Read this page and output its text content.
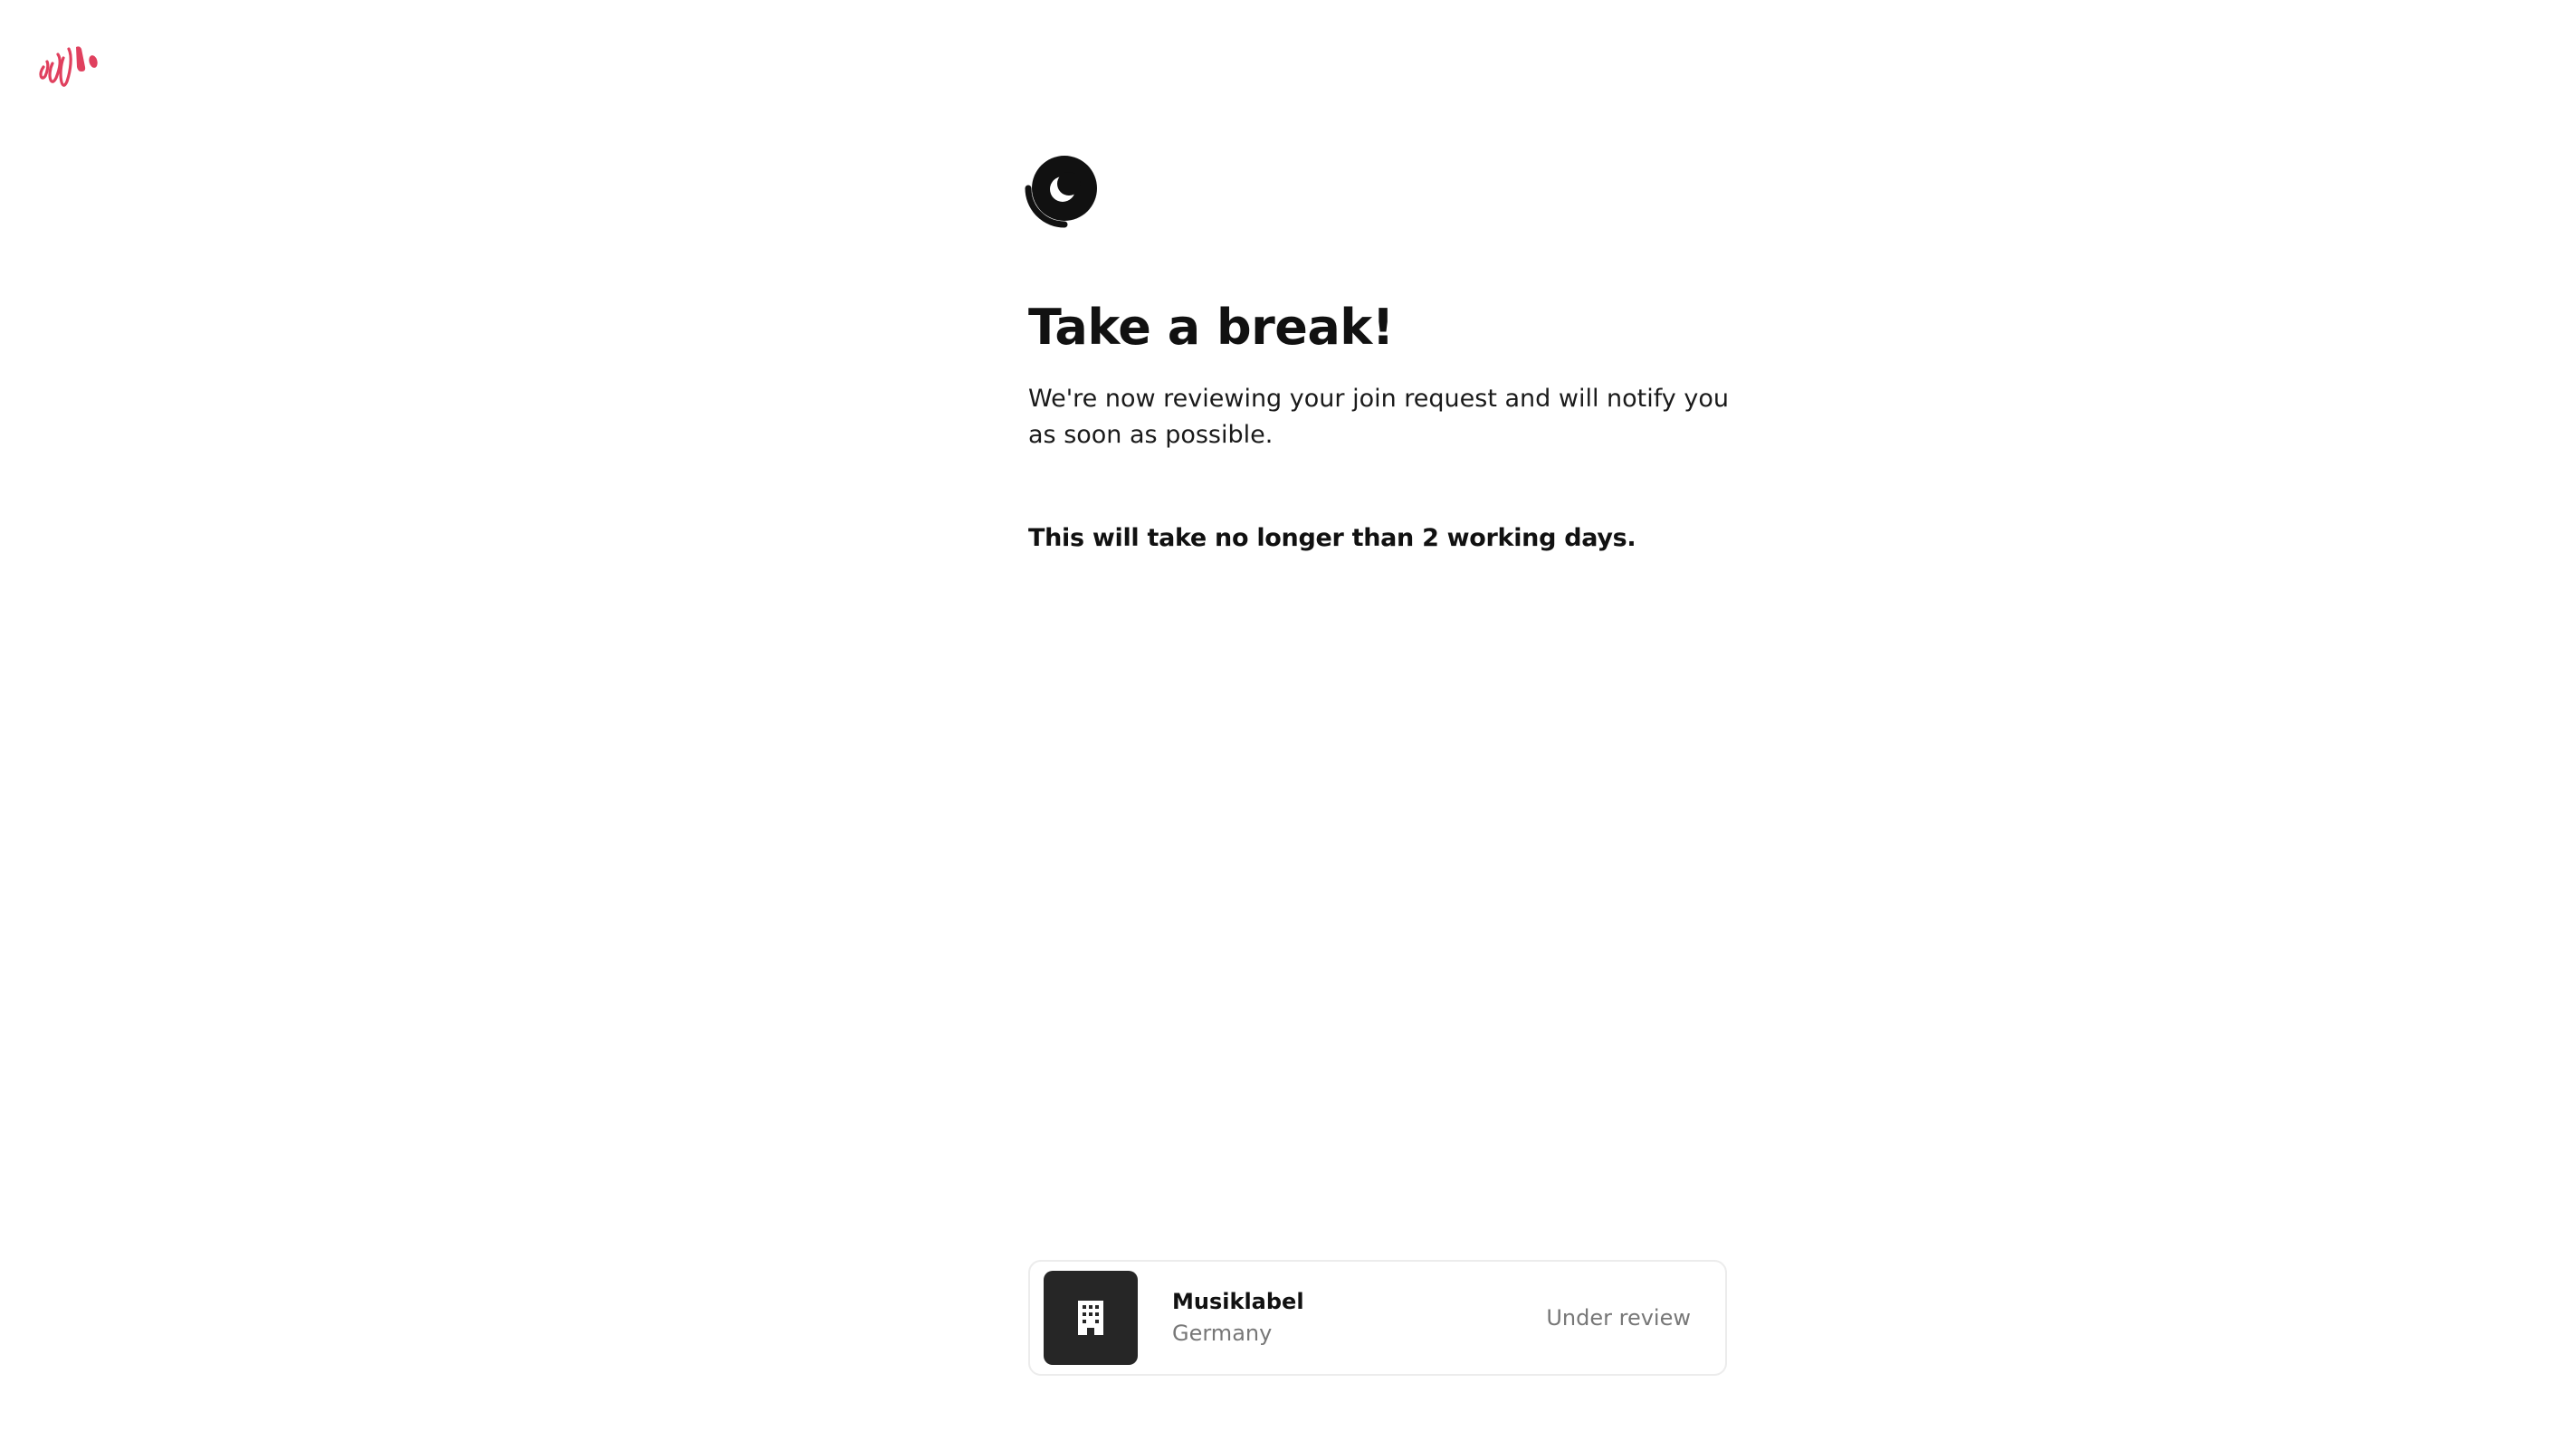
Take a break!

We're now reviewing your join request and will notify you as soon as possible.

This will take no longer than 2 working days.

Musiklabel
Germany
Under review
